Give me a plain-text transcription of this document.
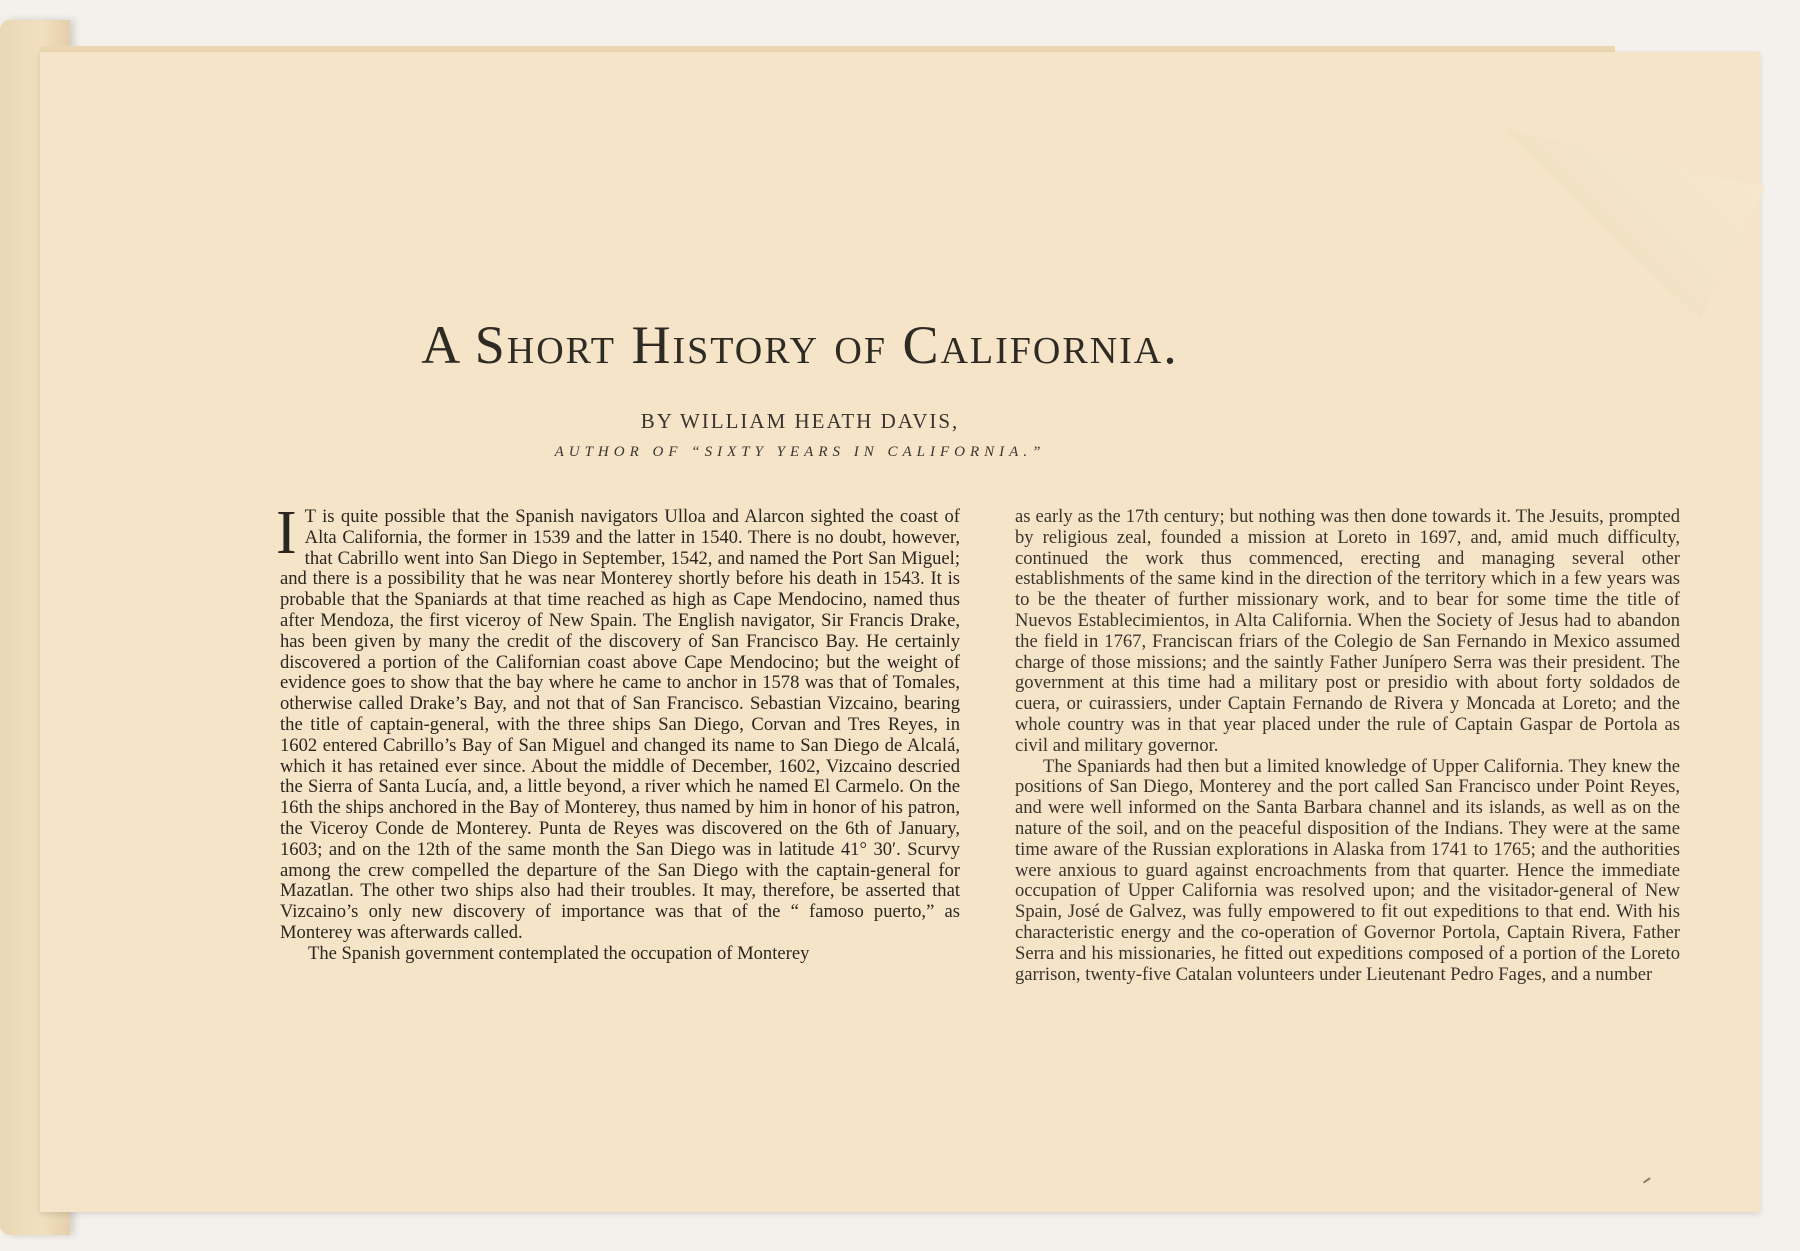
A Short History of California.
BY WILLIAM HEATH DAVIS,
AUTHOR OF “SIXTY YEARS IN CALIFORNIA.”

I T is quite possible that the Spanish navigators Ulloa and Alarcon sighted the coast of Alta California, the former in 1539 and the latter in 1540. There is no doubt, however, that Cabrillo went into San Diego in September, 1542, and named the Port San Miguel; and there is a possibility that he was near Monterey shortly before his death in 1543. It is probable that the Spaniards at that time reached as high as Cape Mendocino, named thus after Mendoza, the first viceroy of New Spain. The English navigator, Sir Francis Drake, has been given by many the credit of the discovery of San Francisco Bay. He certainly discovered a portion of the Californian coast above Cape Mendocino; but the weight of evidence goes to show that the bay where he came to anchor in 1578 was that of Tomales, otherwise called Drake’s Bay, and not that of San Francisco. Sebastian Vizcaino, bearing the title of captain-general, with the three ships San Diego, Corvan and Tres Reyes, in 1602 entered Cabrillo’s Bay of San Miguel and changed its name to San Diego de Alcalá, which it has retained ever since. About the middle of December, 1602, Vizcaino descried the Sierra of Santa Lucía, and, a little beyond, a river which he named El Carmelo. On the 16th the ships anchored in the Bay of Monterey, thus named by him in honor of his patron, the Viceroy Conde de Monterey. Punta de Reyes was discovered on the 6th of January, 1603; and on the 12th of the same month the San Diego was in latitude 41° 30′. Scurvy among the crew compelled the departure of the San Diego with the captain-general for Mazatlan. The other two ships also had their troubles. It may, therefore, be asserted that Vizcaino’s only new discovery of importance was that of the “ famoso puerto,” as Monterey was afterwards called.

The Spanish government contemplated the occupation of Monterey

as early as the 17th century; but nothing was then done towards it. The Jesuits, prompted by religious zeal, founded a mission at Loreto in 1697, and, amid much difficulty, continued the work thus commenced, erecting and managing several other establishments of the same kind in the direction of the territory which in a few years was to be the theater of further missionary work, and to bear for some time the title of Nuevos Establecimientos, in Alta California. When the Society of Jesus had to abandon the field in 1767, Franciscan friars of the Colegio de San Fernando in Mexico assumed charge of those missions; and the saintly Father Junípero Serra was their president. The government at this time had a military post or presidio with about forty soldados de cuera, or cuirassiers, under Captain Fernando de Rivera y Moncada at Loreto; and the whole country was in that year placed under the rule of Captain Gaspar de Portola as civil and military governor.

The Spaniards had then but a limited knowledge of Upper California. They knew the positions of San Diego, Monterey and the port called San Francisco under Point Reyes, and were well informed on the Santa Barbara channel and its islands, as well as on the nature of the soil, and on the peaceful disposition of the Indians. They were at the same time aware of the Russian explorations in Alaska from 1741 to 1765; and the authorities were anxious to guard against encroachments from that quarter. Hence the immediate occupation of Upper California was resolved upon; and the visitador-general of New Spain, José de Galvez, was fully empowered to fit out expeditions to that end. With his characteristic energy and the co-operation of Governor Portola, Captain Rivera, Father Serra and his missionaries, he fitted out expeditions composed of a portion of the Loreto garrison, twenty-five Catalan volunteers under Lieutenant Pedro Fages, and a number
